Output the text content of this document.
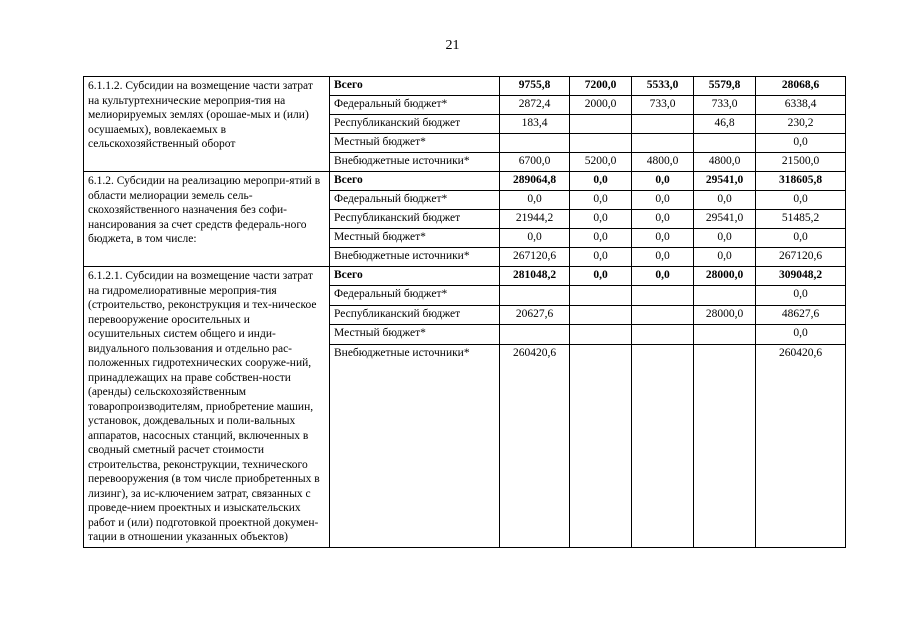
21
6.1.1.2. Субсидии на возмещение части затрат на культуртехнические мероприя-тия на мелиорируемых землях (орошае-мых и (или) осушаемых), вовлекаемых в сельскохозяйственный оборот	Всего	9755,8	7200,0	5533,0	5579,8	28068,6
	Федеральный бюджет*	2872,4	2000,0	733,0	733,0	6338,4
	Республиканский бюджет	183,4			46,8	230,2
	Местный бюджет*					0,0
	Внебюджетные источники*	6700,0	5200,0	4800,0	4800,0	21500,0
6.1.2. Субсидии на реализацию меропри-ятий в области мелиорации земель сель-скохозяйственного назначения без софи-нансирования за счет средств федераль-ного бюджета, в том числе:	Всего	289064,8	0,0	0,0	29541,0	318605,8
	Федеральный бюджет*	0,0	0,0	0,0	0,0	0,0
	Республиканский бюджет	21944,2	0,0	0,0	29541,0	51485,2
	Местный бюджет*	0,0	0,0	0,0	0,0	0,0
	Внебюджетные источники*	267120,6	0,0	0,0	0,0	267120,6
6.1.2.1. Субсидии на возмещение части затрат на гидромелиоративные мероприя-тия (строительство, реконструкция и тех-ническое перевооружение оросительных и осушительных систем общего и инди-видуального пользования и отдельно рас-положенных гидротехнических сооруже-ний, принадлежащих на праве собствен-ности (аренды) сельскохозяйственным товаропроизводителям, приобретение машин, установок, дождевальных и поли-вальных аппаратов, насосных станций, включенных в сводный сметный расчет стоимости строительства, реконструкции, технического перевооружения (в том числе приобретенных в лизинг), за ис-ключением затрат, связанных с проведе-нием проектных и изыскательских работ и (или) подготовкой проектной докумен-тации в отношении указанных объектов)	Всего	281048,2	0,0	0,0	28000,0	309048,2
	Федеральный бюджет*					0,0
	Республиканский бюджет	20627,6			28000,0	48627,6
	Местный бюджет*					0,0
	Внебюджетные источники*	260420,6				260420,6
